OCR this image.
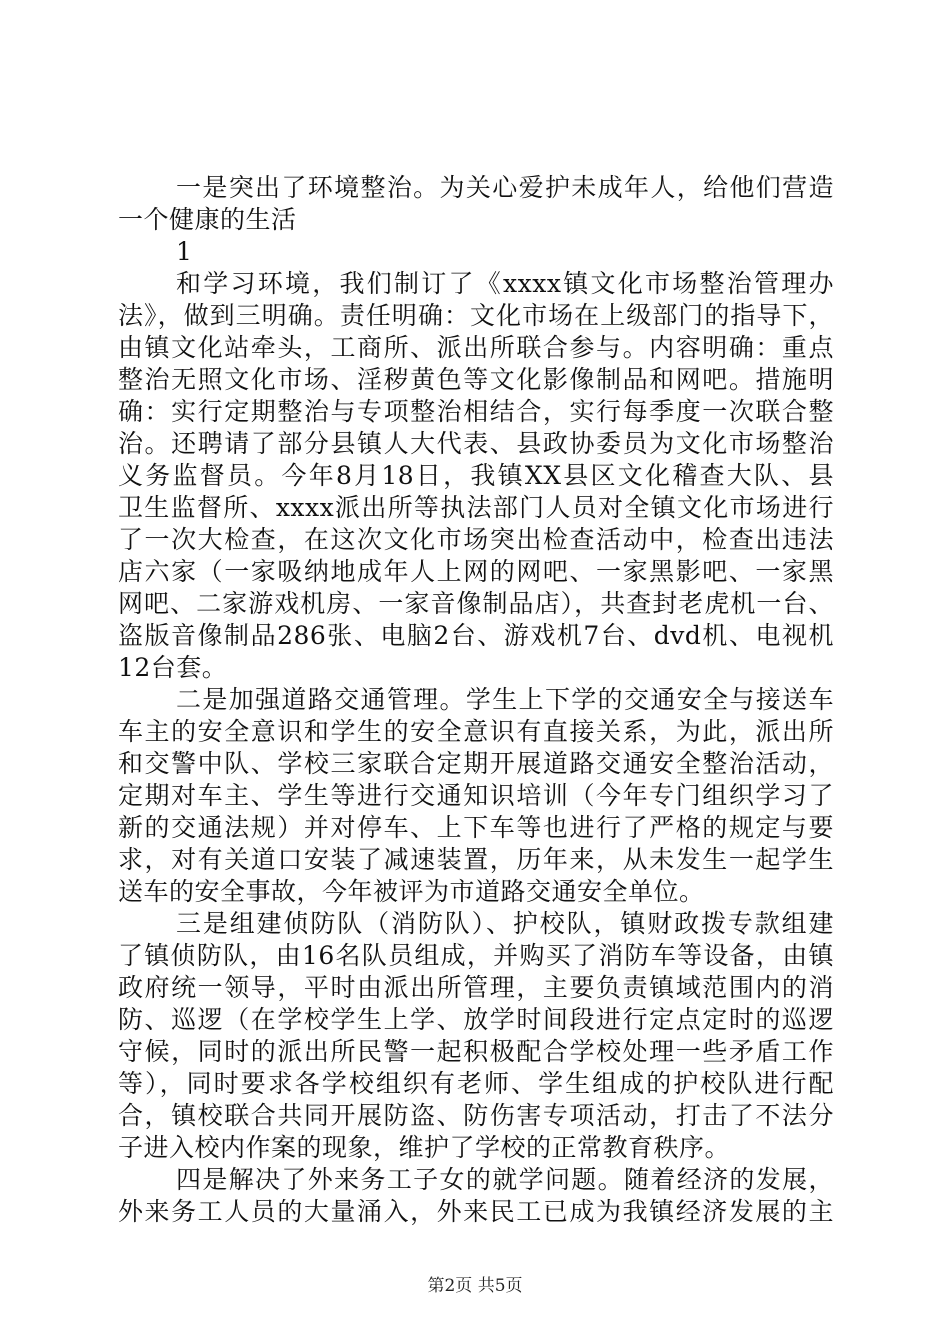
一是突出了环境整治。为关心爱护未成年人，给他们营造
一个健康的生活
1
和学习环境，我们制订了《xxxx镇文化市场整治管理办
法》，做到三明确。责任明确：文化市场在上级部门的指导下，
由镇文化站牵头，工商所、派出所联合参与。内容明确：重点
整治无照文化市场、淫秽黄色等文化影像制品和网吧。措施明
确：实行定期整治与专项整治相结合，实行每季度一次联合整
治。还聘请了部分县镇人大代表、县政协委员为文化市场整治
义务监督员。今年8月18日，我镇XX县区文化稽查大队、县
卫生监督所、xxxx派出所等执法部门人员对全镇文化市场进行
了一次大检查，在这次文化市场突出检查活动中，检查出违法
店六家（一家吸纳地成年人上网的网吧、一家黑影吧、一家黑
网吧、二家游戏机房、一家音像制品店），共查封老虎机一台、
盗版音像制品286张、电脑2台、游戏机7台、dvd机、电视机
12台套。
二是加强道路交通管理。学生上下学的交通安全与接送车
车主的安全意识和学生的安全意识有直接关系，为此，派出所
和交警中队、学校三家联合定期开展道路交通安全整治活动，
定期对车主、学生等进行交通知识培训（今年专门组织学习了
新的交通法规）并对停车、上下车等也进行了严格的规定与要
求，对有关道口安装了减速装置，历年来，从未发生一起学生
送车的安全事故，今年被评为市道路交通安全单位。
三是组建侦防队（消防队）、护校队，镇财政拨专款组建
了镇侦防队，由16名队员组成，并购买了消防车等设备，由镇
政府统一领导，平时由派出所管理，主要负责镇域范围内的消
防、巡逻（在学校学生上学、放学时间段进行定点定时的巡逻
守候，同时的派出所民警一起积极配合学校处理一些矛盾工作
等），同时要求各学校组织有老师、学生组成的护校队进行配
合，镇校联合共同开展防盗、防伤害专项活动，打击了不法分
子进入校内作案的现象，维护了学校的正常教育秩序。
四是解决了外来务工子女的就学问题。随着经济的发展，
外来务工人员的大量涌入，外来民工已成为我镇经济发展的主
第2页 共5页
